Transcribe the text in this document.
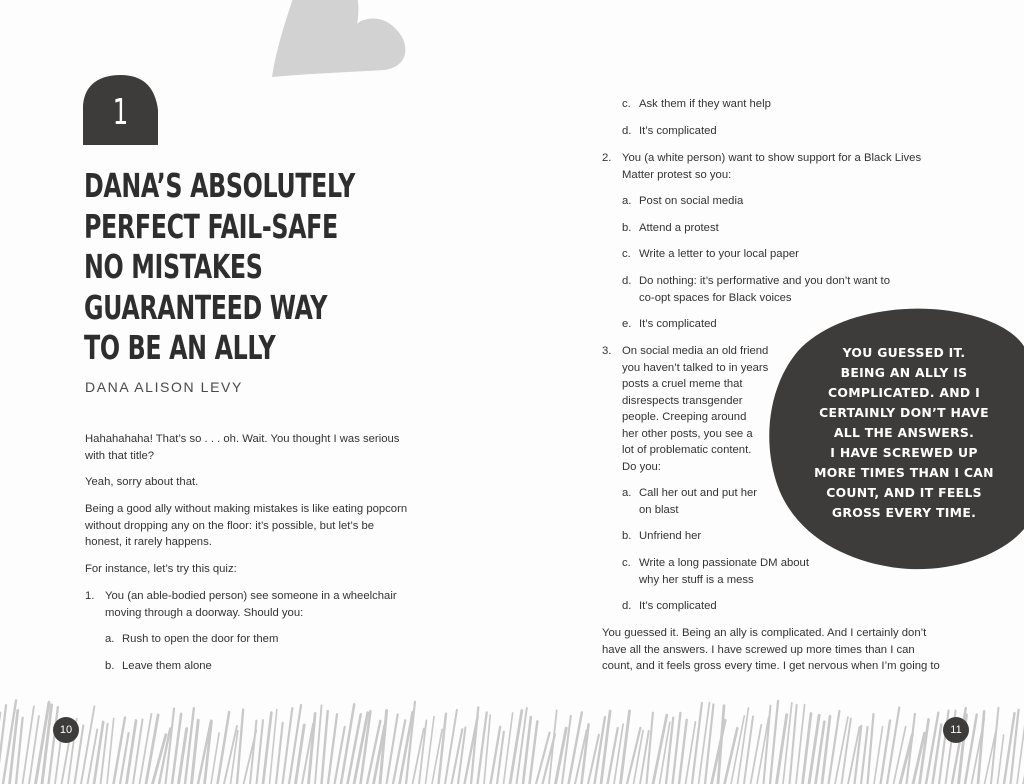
1
DANA’S ABSOLUTELY
PERFECT FAIL-SAFE
NO MISTAKES
GUARANTEED WAY
TO BE AN ALLY
DANA ALISON LEVY
Hahahahaha! That’s so . . . oh. Wait. You thought I was serious
with that title?
Yeah, sorry about that.
Being a good ally without making mistakes is like eating popcorn
without dropping any on the floor: it’s possible, but let’s be
honest, it rarely happens.
For instance, let’s try this quiz:
1. You (an able-bodied person) see someone in a wheelchair
moving through a doorway. Should you:
a. Rush to open the door for them
b. Leave them alone
c. Ask them if they want help
d. It’s complicated
2. You (a white person) want to show support for a Black Lives
Matter protest so you:
a. Post on social media
b. Attend a protest
c. Write a letter to your local paper
d. Do nothing: it’s performative and you don’t want to
co-opt spaces for Black voices
e. It’s complicated
3. On social media an old friend
you haven’t talked to in years
posts a cruel meme that
disrespects transgender
people. Creeping around
her other posts, you see a
lot of problematic content.
Do you:
a. Call her out and put her
on blast
b. Unfriend her
c. Write a long passionate DM about
why her stuff is a mess
d. It’s complicated
You guessed it. Being an ally is complicated. And I certainly don’t
have all the answers. I have screwed up more times than I can
count, and it feels gross every time. I get nervous when I’m going to
YOU GUESSED IT.
BEING AN ALLY IS
COMPLICATED. AND I
CERTAINLY DON’T HAVE
ALL THE ANSWERS.
I HAVE SCREWED UP
MORE TIMES THAN I CAN
COUNT, AND IT FEELS
GROSS EVERY TIME.
10	11
